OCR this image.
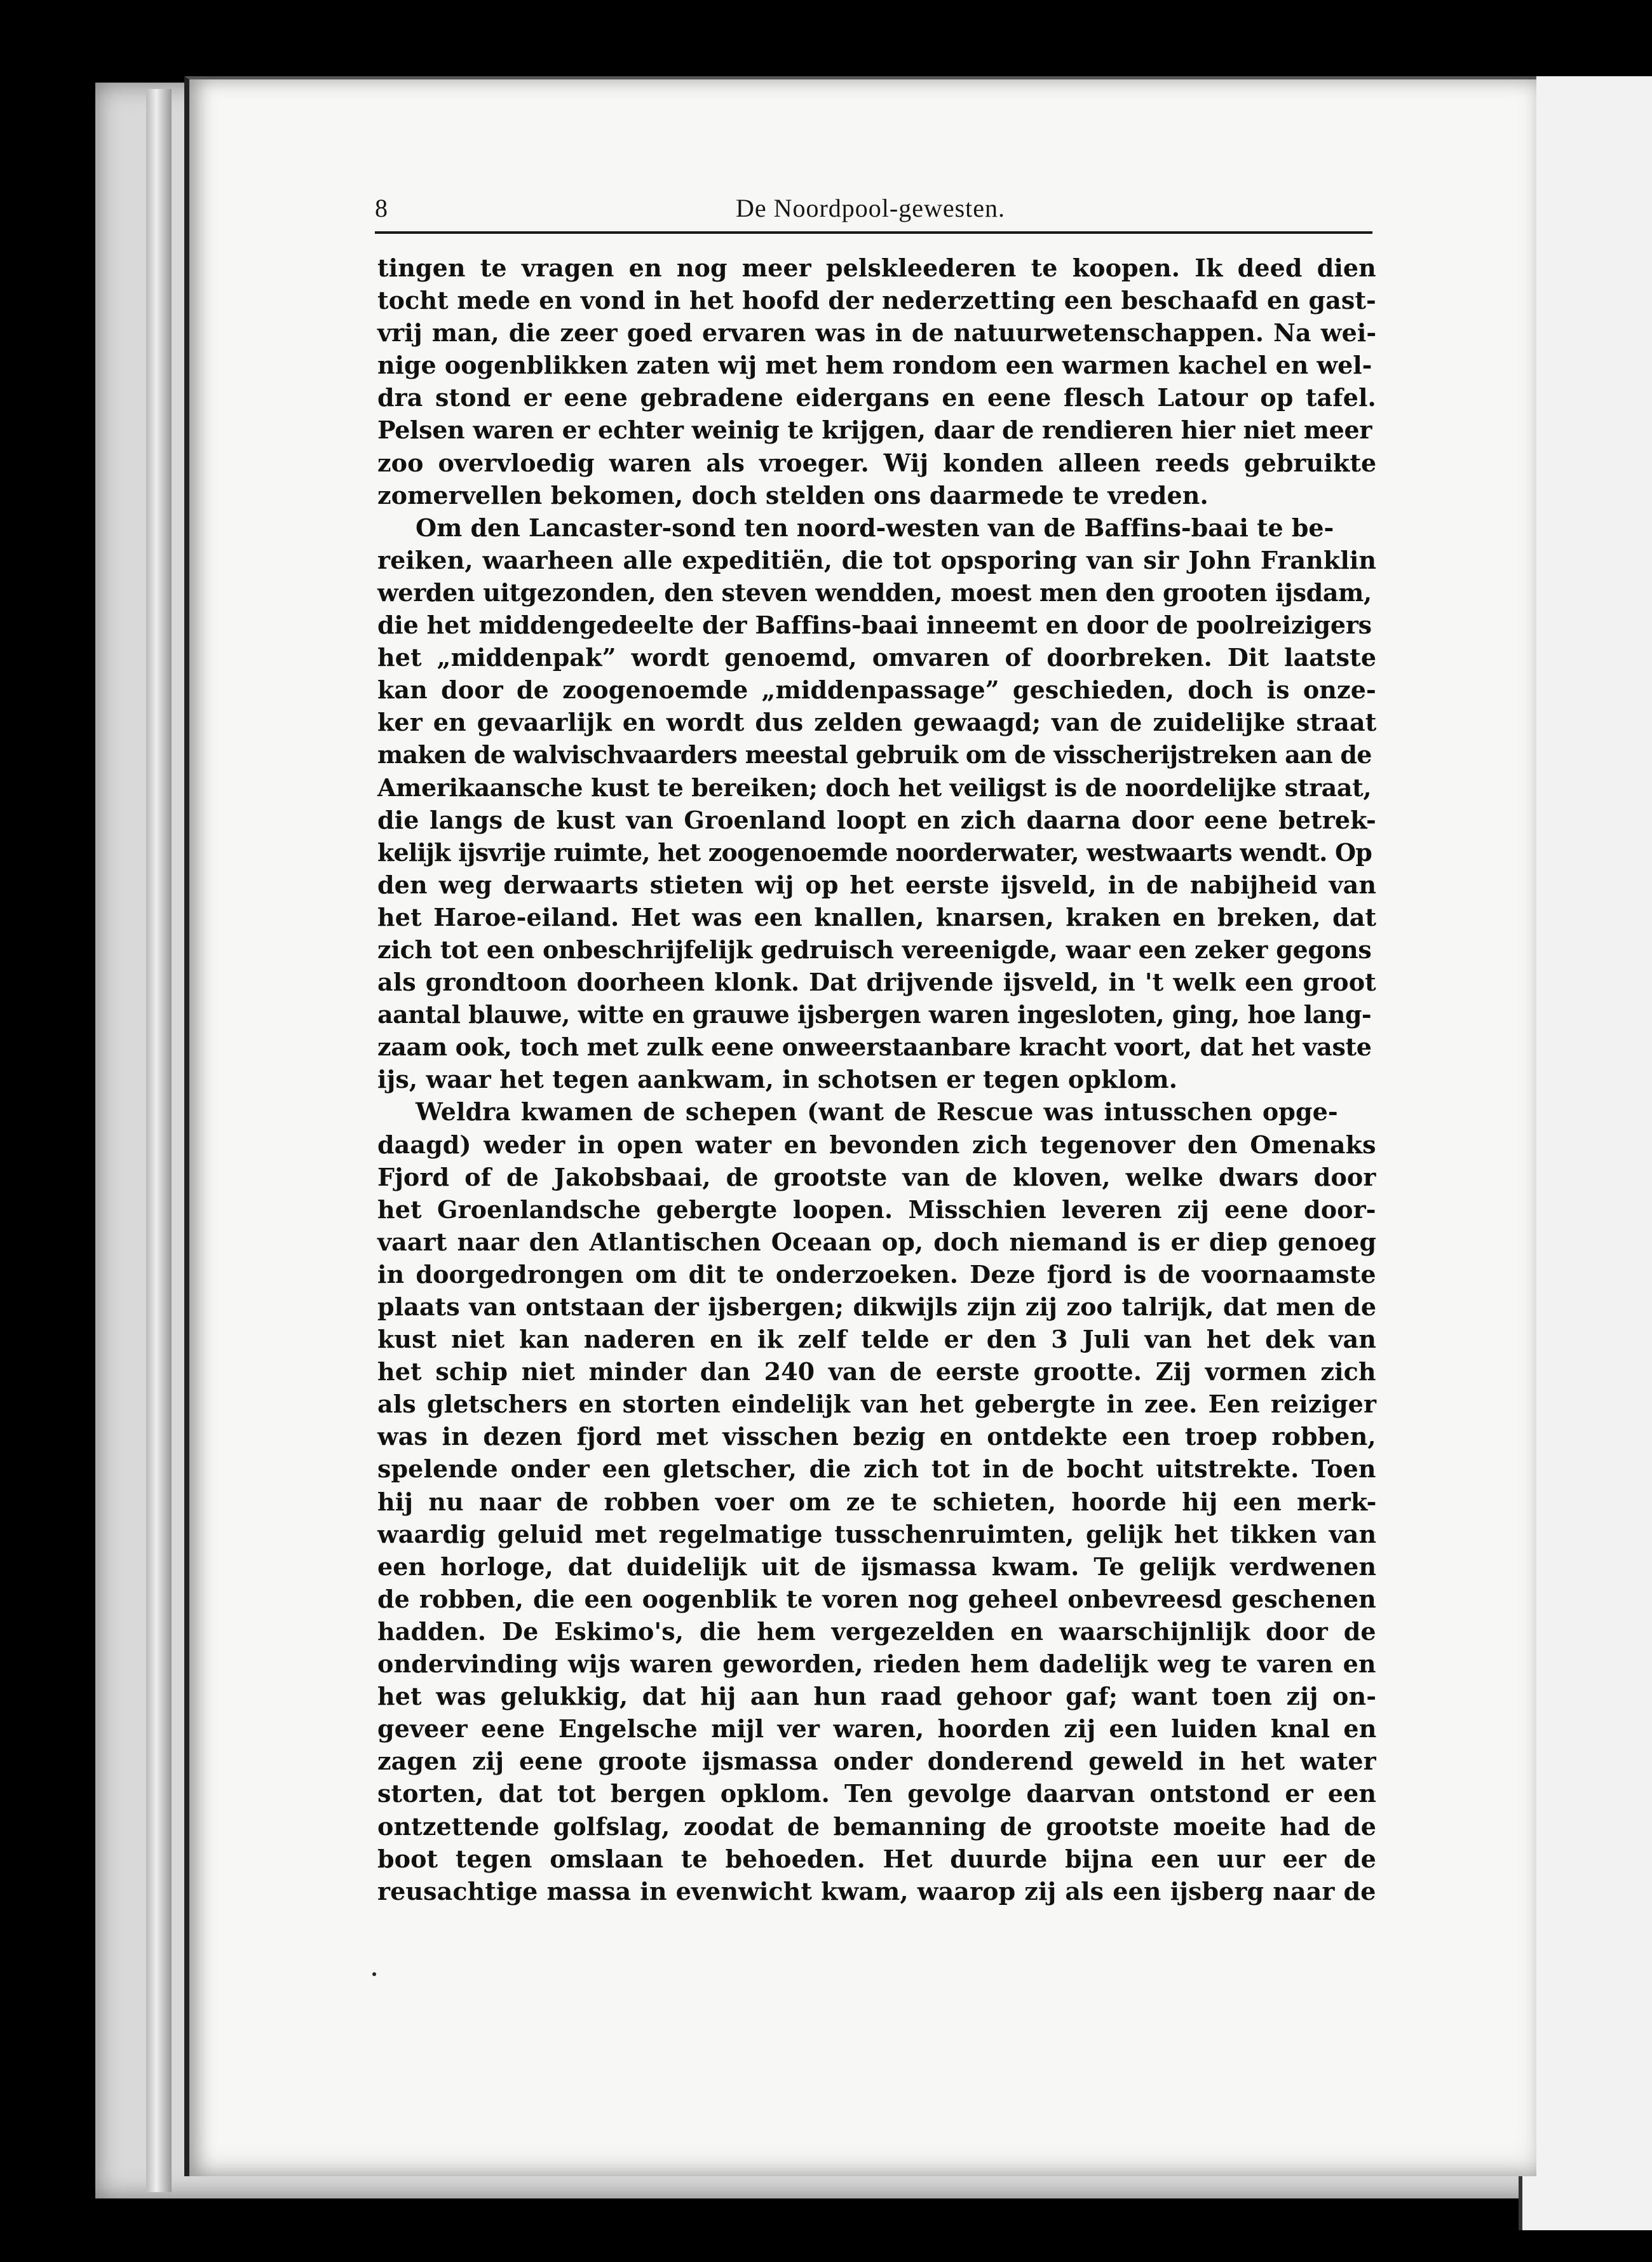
8	De Noordpool-gewesten.
tingen te vragen en nog meer pelskleederen te koopen. Ik deed dien
tocht mede en vond in het hoofd der nederzetting een beschaafd en gast-
vrij man, die zeer goed ervaren was in de natuurwetenschappen. Na wei-
nige oogenblikken zaten wij met hem rondom een warmen kachel en wel-
dra stond er eene gebradene eidergans en eene flesch Latour op tafel.
Pelsen waren er echter weinig te krijgen, daar de rendieren hier niet meer
zoo overvloedig waren als vroeger. Wij konden alleen reeds gebruikte
zomervellen bekomen, doch stelden ons daarmede te vreden.
Om den Lancaster-sond ten noord-westen van de Baffins-baai te be-
reiken, waarheen alle expeditiën, die tot opsporing van sir John Franklin
werden uitgezonden, den steven wendden, moest men den grooten ijsdam,
die het middengedeelte der Baffins-baai inneemt en door de poolreizigers
het „middenpak” wordt genoemd, omvaren of doorbreken. Dit laatste
kan door de zoogenoemde „middenpassage” geschieden, doch is onze-
ker en gevaarlijk en wordt dus zelden gewaagd; van de zuidelijke straat
maken de walvischvaarders meestal gebruik om de visscherijstreken aan de
Amerikaansche kust te bereiken; doch het veiligst is de noordelijke straat,
die langs de kust van Groenland loopt en zich daarna door eene betrek-
kelijk ijsvrije ruimte, het zoogenoemde noorderwater, westwaarts wendt. Op
den weg derwaarts stieten wij op het eerste ijsveld, in de nabijheid van
het Haroe-eiland. Het was een knallen, knarsen, kraken en breken, dat
zich tot een onbeschrijfelijk gedruisch vereenigde, waar een zeker gegons
als grondtoon doorheen klonk. Dat drijvende ijsveld, in 't welk een groot
aantal blauwe, witte en grauwe ijsbergen waren ingesloten, ging, hoe lang-
zaam ook, toch met zulk eene onweerstaanbare kracht voort, dat het vaste
ijs, waar het tegen aankwam, in schotsen er tegen opklom.
Weldra kwamen de schepen (want de Rescue was intusschen opge-
daagd) weder in open water en bevonden zich tegenover den Omenaks
Fjord of de Jakobsbaai, de grootste van de kloven, welke dwars door
het Groenlandsche gebergte loopen. Misschien leveren zij eene door-
vaart naar den Atlantischen Oceaan op, doch niemand is er diep genoeg
in doorgedrongen om dit te onderzoeken. Deze fjord is de voornaamste
plaats van ontstaan der ijsbergen; dikwijls zijn zij zoo talrijk, dat men de
kust niet kan naderen en ik zelf telde er den 3 Juli van het dek van
het schip niet minder dan 240 van de eerste grootte. Zij vormen zich
als gletschers en storten eindelijk van het gebergte in zee. Een reiziger
was in dezen fjord met visschen bezig en ontdekte een troep robben,
spelende onder een gletscher, die zich tot in de bocht uitstrekte. Toen
hij nu naar de robben voer om ze te schieten, hoorde hij een merk-
waardig geluid met regelmatige tusschenruimten, gelijk het tikken van
een horloge, dat duidelijk uit de ijsmassa kwam. Te gelijk verdwenen
de robben, die een oogenblik te voren nog geheel onbevreesd geschenen
hadden. De Eskimo's, die hem vergezelden en waarschijnlijk door de
ondervinding wijs waren geworden, rieden hem dadelijk weg te varen en
het was gelukkig, dat hij aan hun raad gehoor gaf; want toen zij on-
geveer eene Engelsche mijl ver waren, hoorden zij een luiden knal en
zagen zij eene groote ijsmassa onder donderend geweld in het water
storten, dat tot bergen opklom. Ten gevolge daarvan ontstond er een
ontzettende golfslag, zoodat de bemanning de grootste moeite had de
boot tegen omslaan te behoeden. Het duurde bijna een uur eer de
reusachtige massa in evenwicht kwam, waarop zij als een ijsberg naar de
